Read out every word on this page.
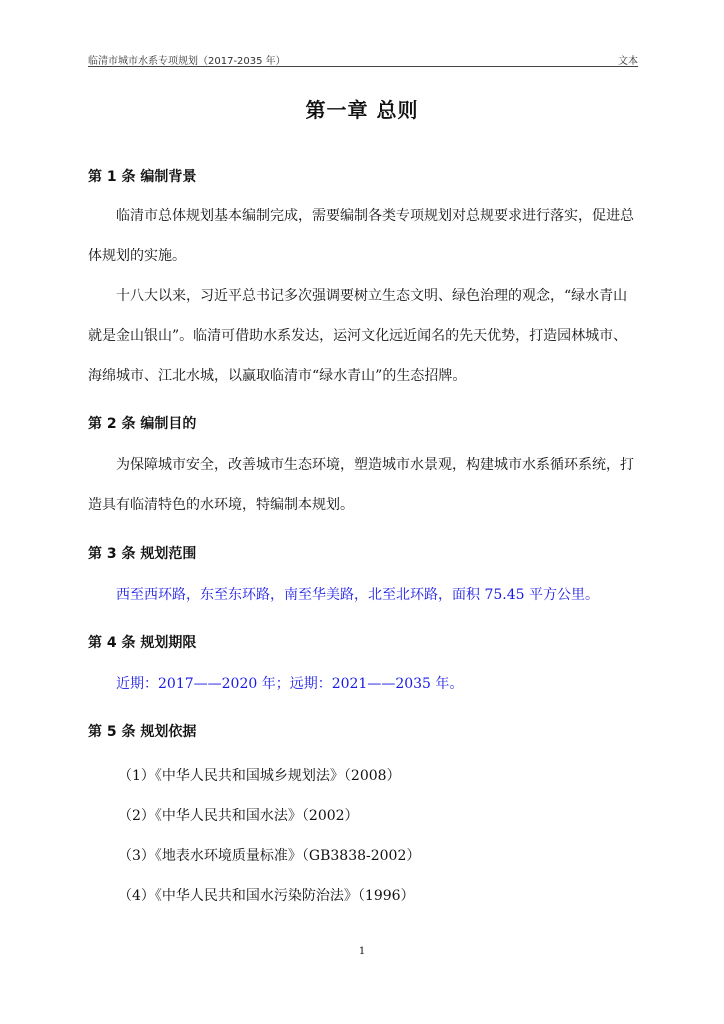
临清市城市水系专项规划（2017-2035 年）	文本
第一章 总则
第 1 条 编制背景
临清市总体规划基本编制完成，需要编制各类专项规划对总规要求进行落实，促进总体规划的实施。
十八大以来，习近平总书记多次强调要树立生态文明、绿色治理的观念，“绿水青山就是金山银山”。临清可借助水系发达，运河文化远近闻名的先天优势，打造园林城市、海绵城市、江北水城，以赢取临清市“绿水青山”的生态招牌。
第 2 条 编制目的
为保障城市安全，改善城市生态环境，塑造城市水景观，构建城市水系循环系统，打造具有临清特色的水环境，特编制本规划。
第 3 条 规划范围
西至西环路，东至东环路，南至华美路，北至北环路，面积 75.45 平方公里。
第 4 条 规划期限
近期：2017——2020 年；远期：2021——2035 年。
第 5 条 规划依据
（1）《中华人民共和国城乡规划法》（2008）
（2）《中华人民共和国水法》（2002）
（3）《地表水环境质量标准》（GB3838-2002）
（4）《中华人民共和国水污染防治法》（1996）
1
